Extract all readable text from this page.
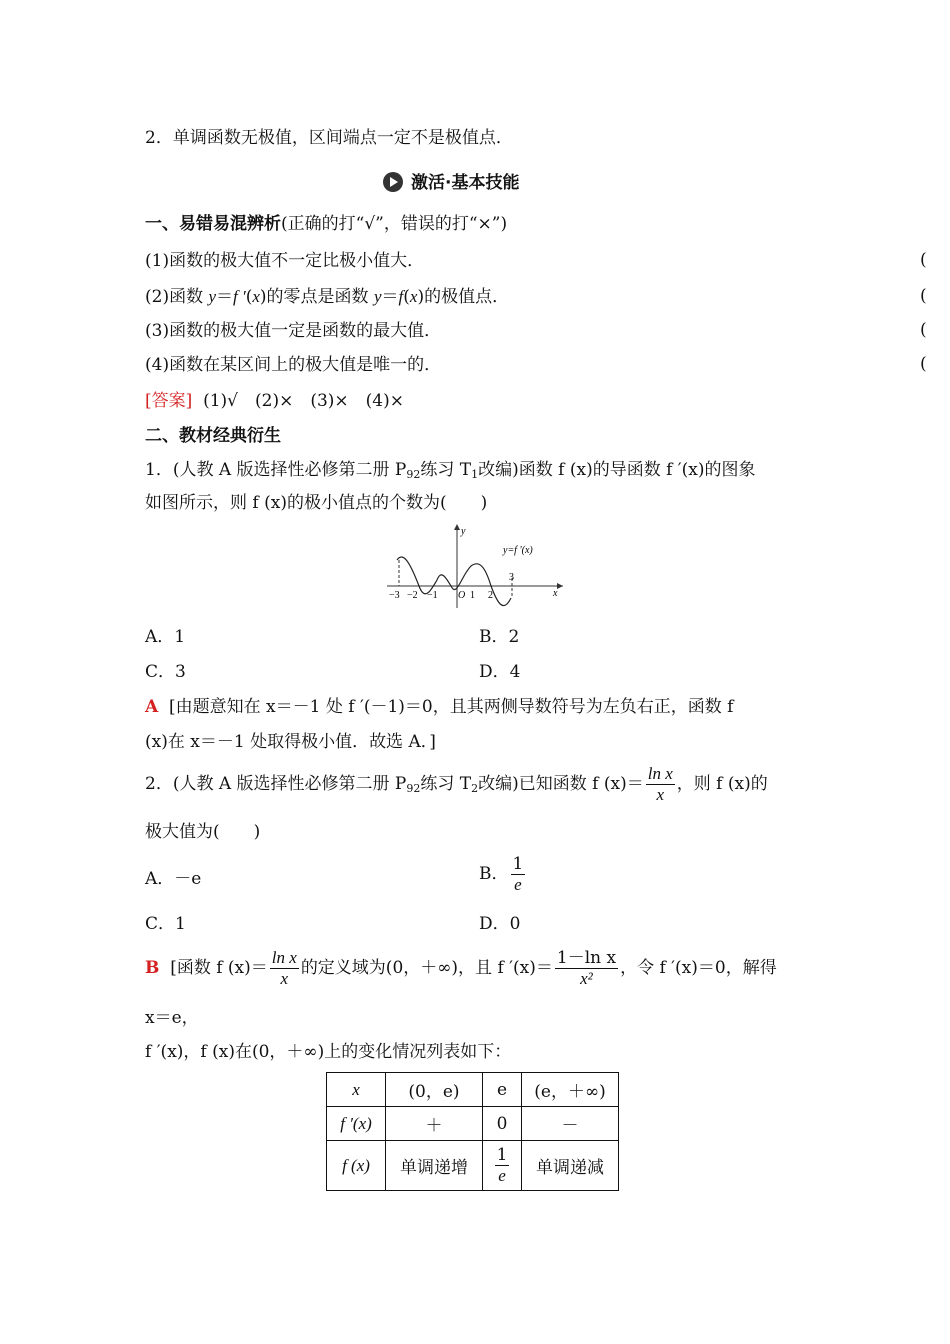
2．单调函数无极值，区间端点一定不是极值点．
激活·基本技能
一、易错易混辨析(正确的打“√”，错误的打“×”)
(1)函数的极大值不一定比极小值大．
(2)函数 y＝f ′(x)的零点是函数 y＝f(x)的极值点．
(3)函数的极大值一定是函数的最大值．
(4)函数在某区间上的极大值是唯一的．
(
(
(
(
[答案] (1)√　(2)×　(3)×　(4)×
二、教材经典衍生
1．(人教 A 版选择性必修第二册 $P_{92}$练习 $T_1$改编)函数 f (x)的导函数 f ′(x)的图象
如图所示，则 f (x)的极小值点的个数为(　　)
y=f ′(x)
y
x
−3 −2 −1 O 1 2
3
A．1	B．2
C．3	D．4
A [由题意知在 x＝－1 处 f ′(－1)＝0，且其两侧导数符号为左负右正，函数 f
(x)在 x＝－1 处取得极小值．故选 A．]
2．(人教 A 版选择性必修第二册 $P_{92}$练习 $T_2$改编)已知函数 f $(x)= \frac{\text{ln x}}{x}$ ，则 f (x)的
极大值为(　　)
A．－e	B． $\frac{1}{e}$
C．1	D．0
B [函数 f $(x)= \frac{\text{ln x}}{x}$ 的定义域为(0，＋∞)，且 f $'(x)= \frac{\text{1－ln x}}{\text{x²}}$ ，令 f ′(x)＝0，解得
x＝e，
f ′(x)，f (x)在(0，＋∞)上的变化情况列表如下：
x	(0，e)	e	(e，＋∞)
f ′(x)	＋	0	－
f (x)	单调递增	$\frac{1}{e}$	单调递减
